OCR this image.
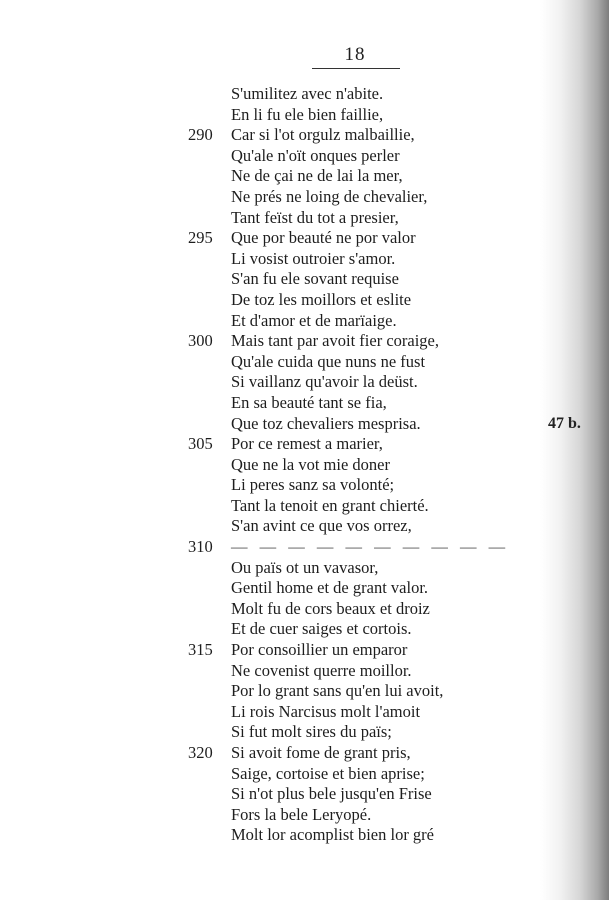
18
S'umilitez avec n'abite.
En li fu ele bien faillie,
290	Car si l'ot orgulz malbaillie,
Qu'ale n'oït onques perler
Ne de çai ne de lai la mer,
Ne prés ne loing de chevalier,
Tant feïst du tot a presier,
295	Que por beauté ne por valor
Li vosist outroier s'amor.
S'an fu ele sovant requise
De toz les moillors et eslite
Et d'amor et de marïaige.
300	Mais tant par avoit fier coraige,
Qu'ale cuida que nuns ne fust
Si vaillanz qu'avoir la deüst.
En sa beauté tant se fia,
Que toz chevaliers mesprisa.
305	Por ce remest a marier,
Que ne la vot mie doner
Li peres sanz sa volonté;
Tant la tenoit en grant chierté.
S'an avint ce que vos orrez,
310	— — — — — — — — — —
Ou païs ot un vavasor,
Gentil home et de grant valor.
Molt fu de cors beaux et droiz
Et de cuer saiges et cortois.
315	Por consoillier un emparor
Ne covenist querre moillor.
Por lo grant sans qu'en lui avoit,
Li rois Narcisus molt l'amoit
Si fut molt sires du païs;
320	Si avoit fome de grant pris,
Saige, cortoise et bien aprise;
Si n'ot plus bele jusqu'en Frise
Fors la bele Leryopé.
Molt lor acomplist bien lor gré
47 b.
